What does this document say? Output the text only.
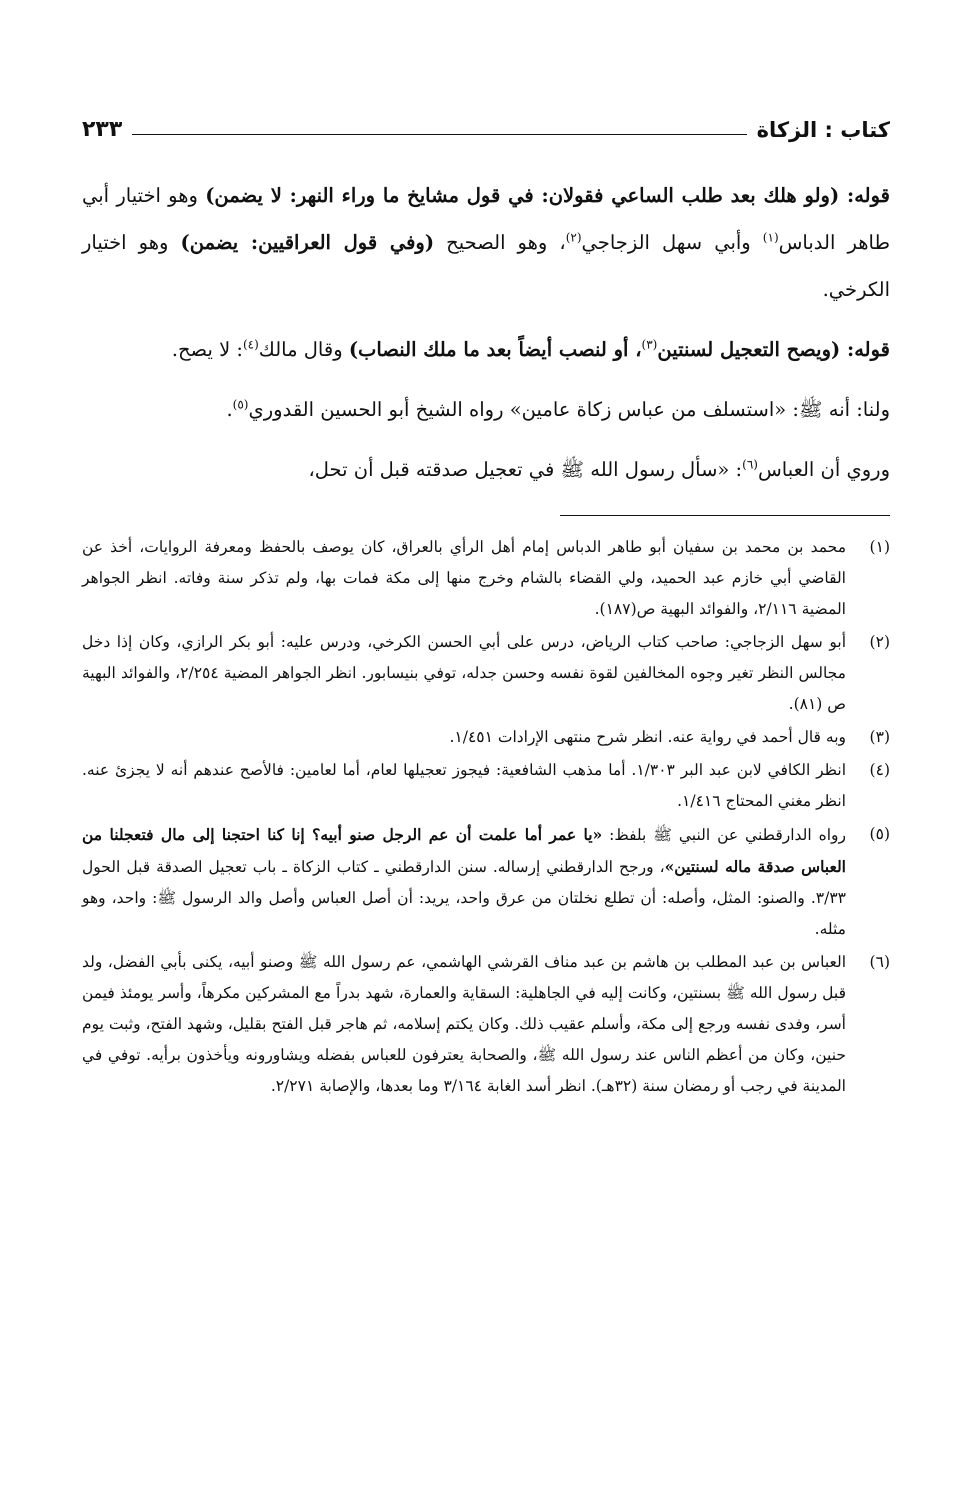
كتاب : الزكاة
٢٣٣

قوله: (ولو هلك بعد طلب الساعي فقولان: في قول مشايخ ما وراء النهر: لا يضمن) وهو اختيار أبي طاهر الدباس$^{(١)}$ وأبي سهل الزجاجي$^{(٢)}$، وهو الصحيح (وفي قول العراقيين: يضمن) وهو اختيار الكرخي.

قوله: (ويصح التعجيل لسنتين$^{(٣)}$، أو لنصب أيضاً بعد ما ملك النصاب) وقال مالك$^{(٤)}$: لا يصح.

ولنا: أنه ﷺ: «استسلف من عباس زكاة عامين» رواه الشيخ أبو الحسين القدوري$^{(٥)}$.

وروي أن العباس$^{(٦)}$: «سأل رسول الله ﷺ في تعجيل صدقته قبل أن تحل،

(١)
محمد بن محمد بن سفيان أبو طاهر الدباس إمام أهل الرأي بالعراق، كان يوصف بالحفظ ومعرفة الروايات، أخذ عن القاضي أبي خازم عبد الحميد، ولي القضاء بالشام وخرج منها إلى مكة فمات بها، ولم تذكر سنة وفاته. انظر الجواهر المضية ٢/١١٦، والفوائد البهية ص(١٨٧).
(٢)
أبو سهل الزجاجي: صاحب كتاب الرياض، درس على أبي الحسن الكرخي، ودرس عليه: أبو بكر الرازي، وكان إذا دخل مجالس النظر تغير وجوه المخالفين لقوة نفسه وحسن جدله، توفي بنيسابور. انظر الجواهر المضية ٢/٢٥٤، والفوائد البهية ص (٨١).
(٣)
وبه قال أحمد في رواية عنه. انظر شرح منتهى الإرادات ١/٤٥١.
(٤)
انظر الكافي لابن عبد البر ١/٣٠٣. أما مذهب الشافعية: فيجوز تعجيلها لعام، أما لعامين: فالأصح عندهم أنه لا يجزئ عنه. انظر مغني المحتاج ١/٤١٦.
(٥)
رواه الدارقطني عن النبي ﷺ بلفظ: «يا عمر أما علمت أن عم الرجل صنو أبيه؟ إنا كنا احتجنا إلى مال فتعجلنا من العباس صدقة ماله لسنتين»، ورجح الدارقطني إرساله. سنن الدارقطني ـ كتاب الزكاة ـ باب تعجيل الصدقة قبل الحول ٣/٣٣. والصنو: المثل، وأصله: أن تطلع نخلتان من عرق واحد، يريد: أن أصل العباس وأصل والد الرسول ﷺ: واحد، وهو مثله.
(٦)
العباس بن عبد المطلب بن هاشم بن عبد مناف القرشي الهاشمي، عم رسول الله ﷺ وصنو أبيه، يكنى بأبي الفضل، ولد قبل رسول الله ﷺ بسنتين، وكانت إليه في الجاهلية: السقاية والعمارة، شهد بدراً مع المشركين مكرهاً، وأسر يومئذ فيمن أسر، وفدى نفسه ورجع إلى مكة، وأسلم عقيب ذلك. وكان يكتم إسلامه، ثم هاجر قبل الفتح بقليل، وشهد الفتح، وثبت يوم حنين، وكان من أعظم الناس عند رسول الله ﷺ، والصحابة يعترفون للعباس بفضله ويشاورونه ويأخذون برأيه. توفي في المدينة في رجب أو رمضان سنة (٣٢هـ). انظر أسد الغابة ٣/١٦٤ وما بعدها، والإصابة ٢/٢٧١.
